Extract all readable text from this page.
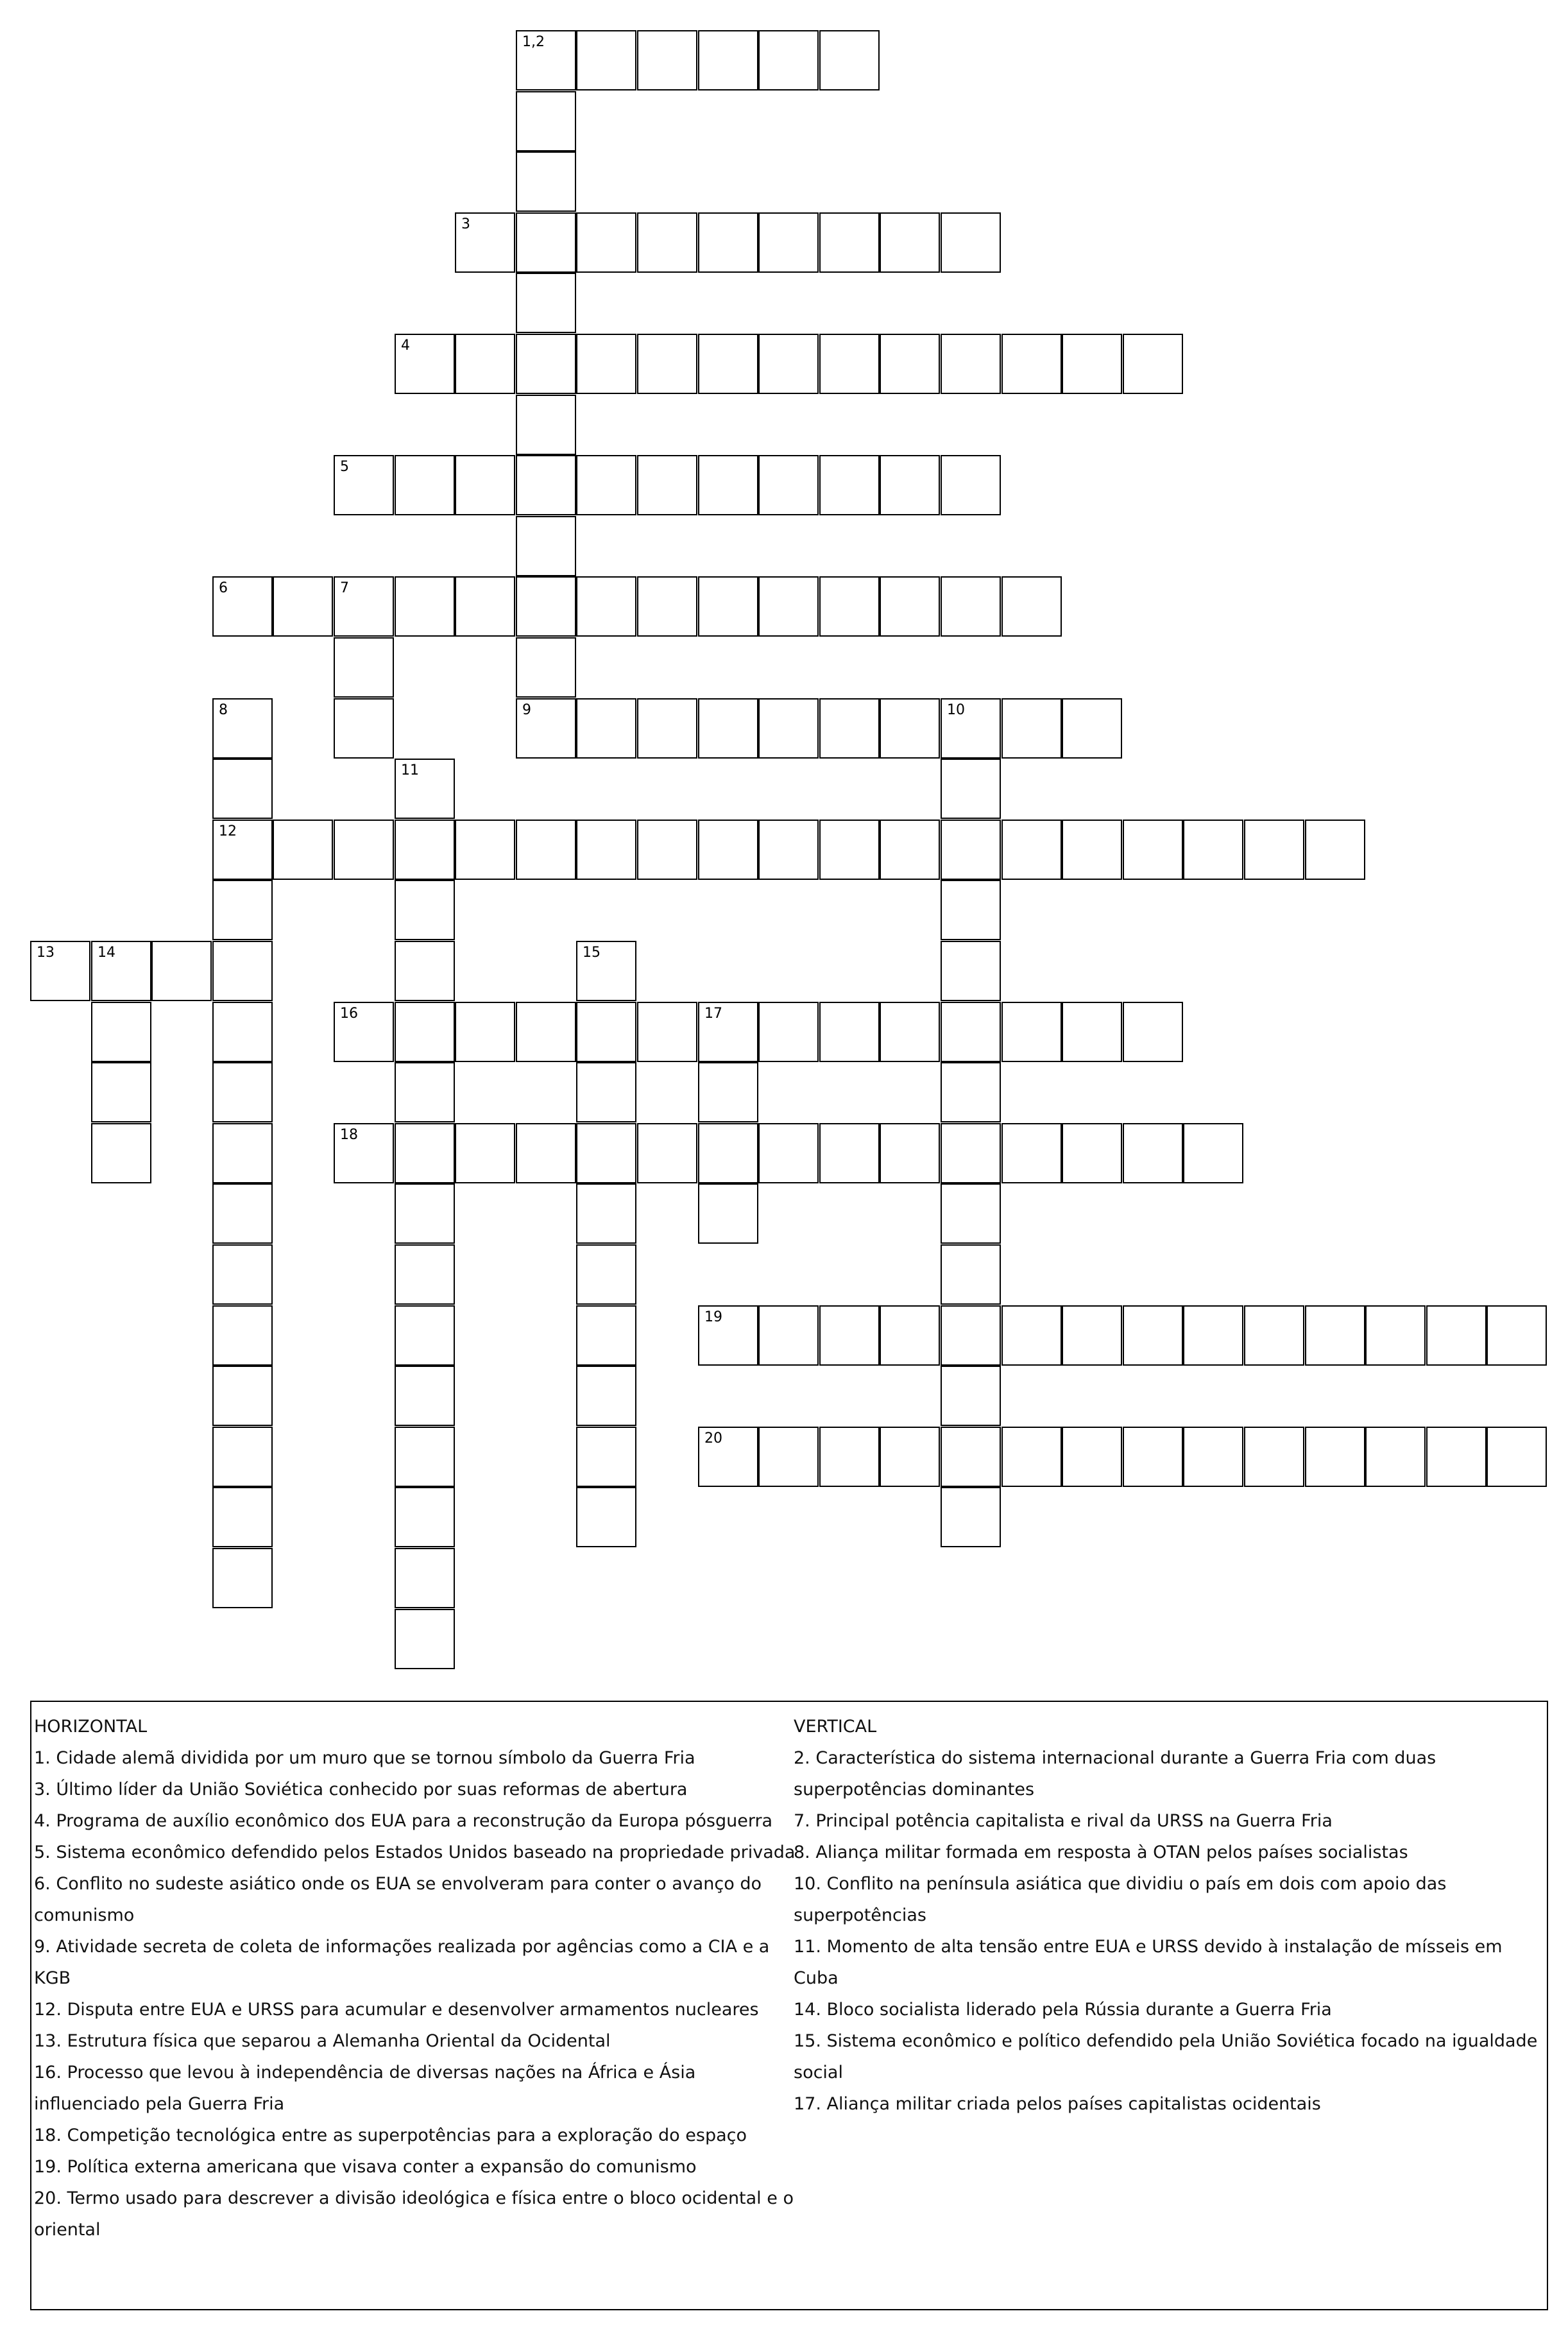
1,2
3
4
5
6	7
8
12
9	10
11
13	14	15
16	17
18
19
20
HORIZONTAL
1. Cidade alemã dividida por um muro que se tornou símbolo da Guerra Fria
3. Último líder da União Soviética conhecido por suas reformas de abertura
4. Programa de auxílio econômico dos EUA para a reconstrução da Europa pósguerra
5. Sistema econômico defendido pelos Estados Unidos baseado na propriedade privada
6. Conflito no sudeste asiático onde os EUA se envolveram para conter o avanço do comunismo
9. Atividade secreta de coleta de informações realizada por agências como a CIA e a KGB
12. Disputa entre EUA e URSS para acumular e desenvolver armamentos nucleares
13. Estrutura física que separou a Alemanha Oriental da Ocidental
16. Processo que levou à independência de diversas nações na África e Ásia influenciado pela Guerra Fria
18. Competição tecnológica entre as superpotências para a exploração do espaço
19. Política externa americana que visava conter a expansão do comunismo
20. Termo usado para descrever a divisão ideológica e física entre o bloco ocidental e o oriental
VERTICAL
2. Característica do sistema internacional durante a Guerra Fria com duas superpotências dominantes
7. Principal potência capitalista e rival da URSS na Guerra Fria
8. Aliança militar formada em resposta à OTAN pelos países socialistas
10. Conflito na península asiática que dividiu o país em dois com apoio das superpotências
11. Momento de alta tensão entre EUA e URSS devido à instalação de mísseis em Cuba
14. Bloco socialista liderado pela Rússia durante a Guerra Fria
15. Sistema econômico e político defendido pela União Soviética focado na igualdade social
17. Aliança militar criada pelos países capitalistas ocidentais
